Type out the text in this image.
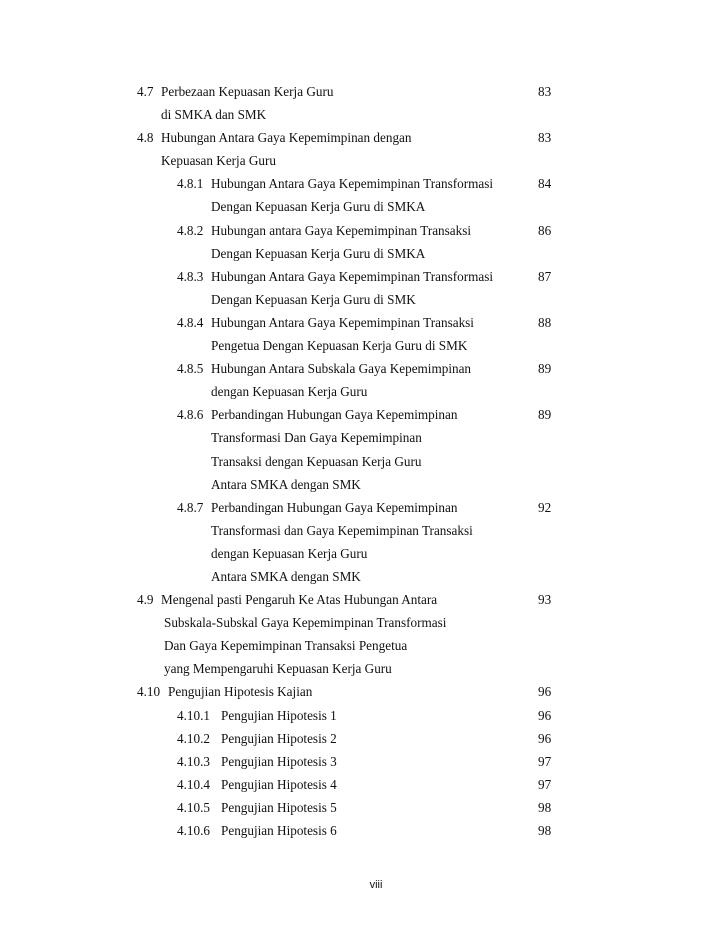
4.7 Perbezaan Kepuasan Kerja Guru	83
di SMKA dan SMK
4.8 Hubungan Antara Gaya Kepemimpinan dengan	83
Kepuasan Kerja Guru
4.8.1 Hubungan Antara Gaya Kepemimpinan Transformasi	84
Dengan Kepuasan Kerja Guru di SMKA
4.8.2 Hubungan antara Gaya Kepemimpinan Transaksi	86
Dengan Kepuasan Kerja Guru di SMKA
4.8.3 Hubungan Antara Gaya Kepemimpinan Transformasi	87
Dengan Kepuasan Kerja Guru di SMK
4.8.4 Hubungan Antara Gaya Kepemimpinan Transaksi	88
Pengetua Dengan Kepuasan Kerja Guru di SMK
4.8.5 Hubungan Antara Subskala Gaya Kepemimpinan	89
dengan Kepuasan Kerja Guru
4.8.6 Perbandingan Hubungan Gaya Kepemimpinan	89
Transformasi Dan Gaya Kepemimpinan
Transaksi dengan Kepuasan Kerja Guru
Antara SMKA dengan SMK
4.8.7 Perbandingan Hubungan Gaya Kepemimpinan	92
Transformasi dan Gaya Kepemimpinan Transaksi
dengan Kepuasan Kerja Guru
Antara SMKA dengan SMK
4.9 Mengenal pasti Pengaruh Ke Atas Hubungan Antara	93
Subskala-Subskal Gaya Kepemimpinan Transformasi
Dan Gaya Kepemimpinan Transaksi Pengetua
yang Mempengaruhi Kepuasan Kerja Guru
4.10 Pengujian Hipotesis Kajian	96
4.10.1 Pengujian Hipotesis 1	96
4.10.2 Pengujian Hipotesis 2	96
4.10.3 Pengujian Hipotesis 3	97
4.10.4 Pengujian Hipotesis 4	97
4.10.5 Pengujian Hipotesis 5	98
4.10.6 Pengujian Hipotesis 6	98
viii
